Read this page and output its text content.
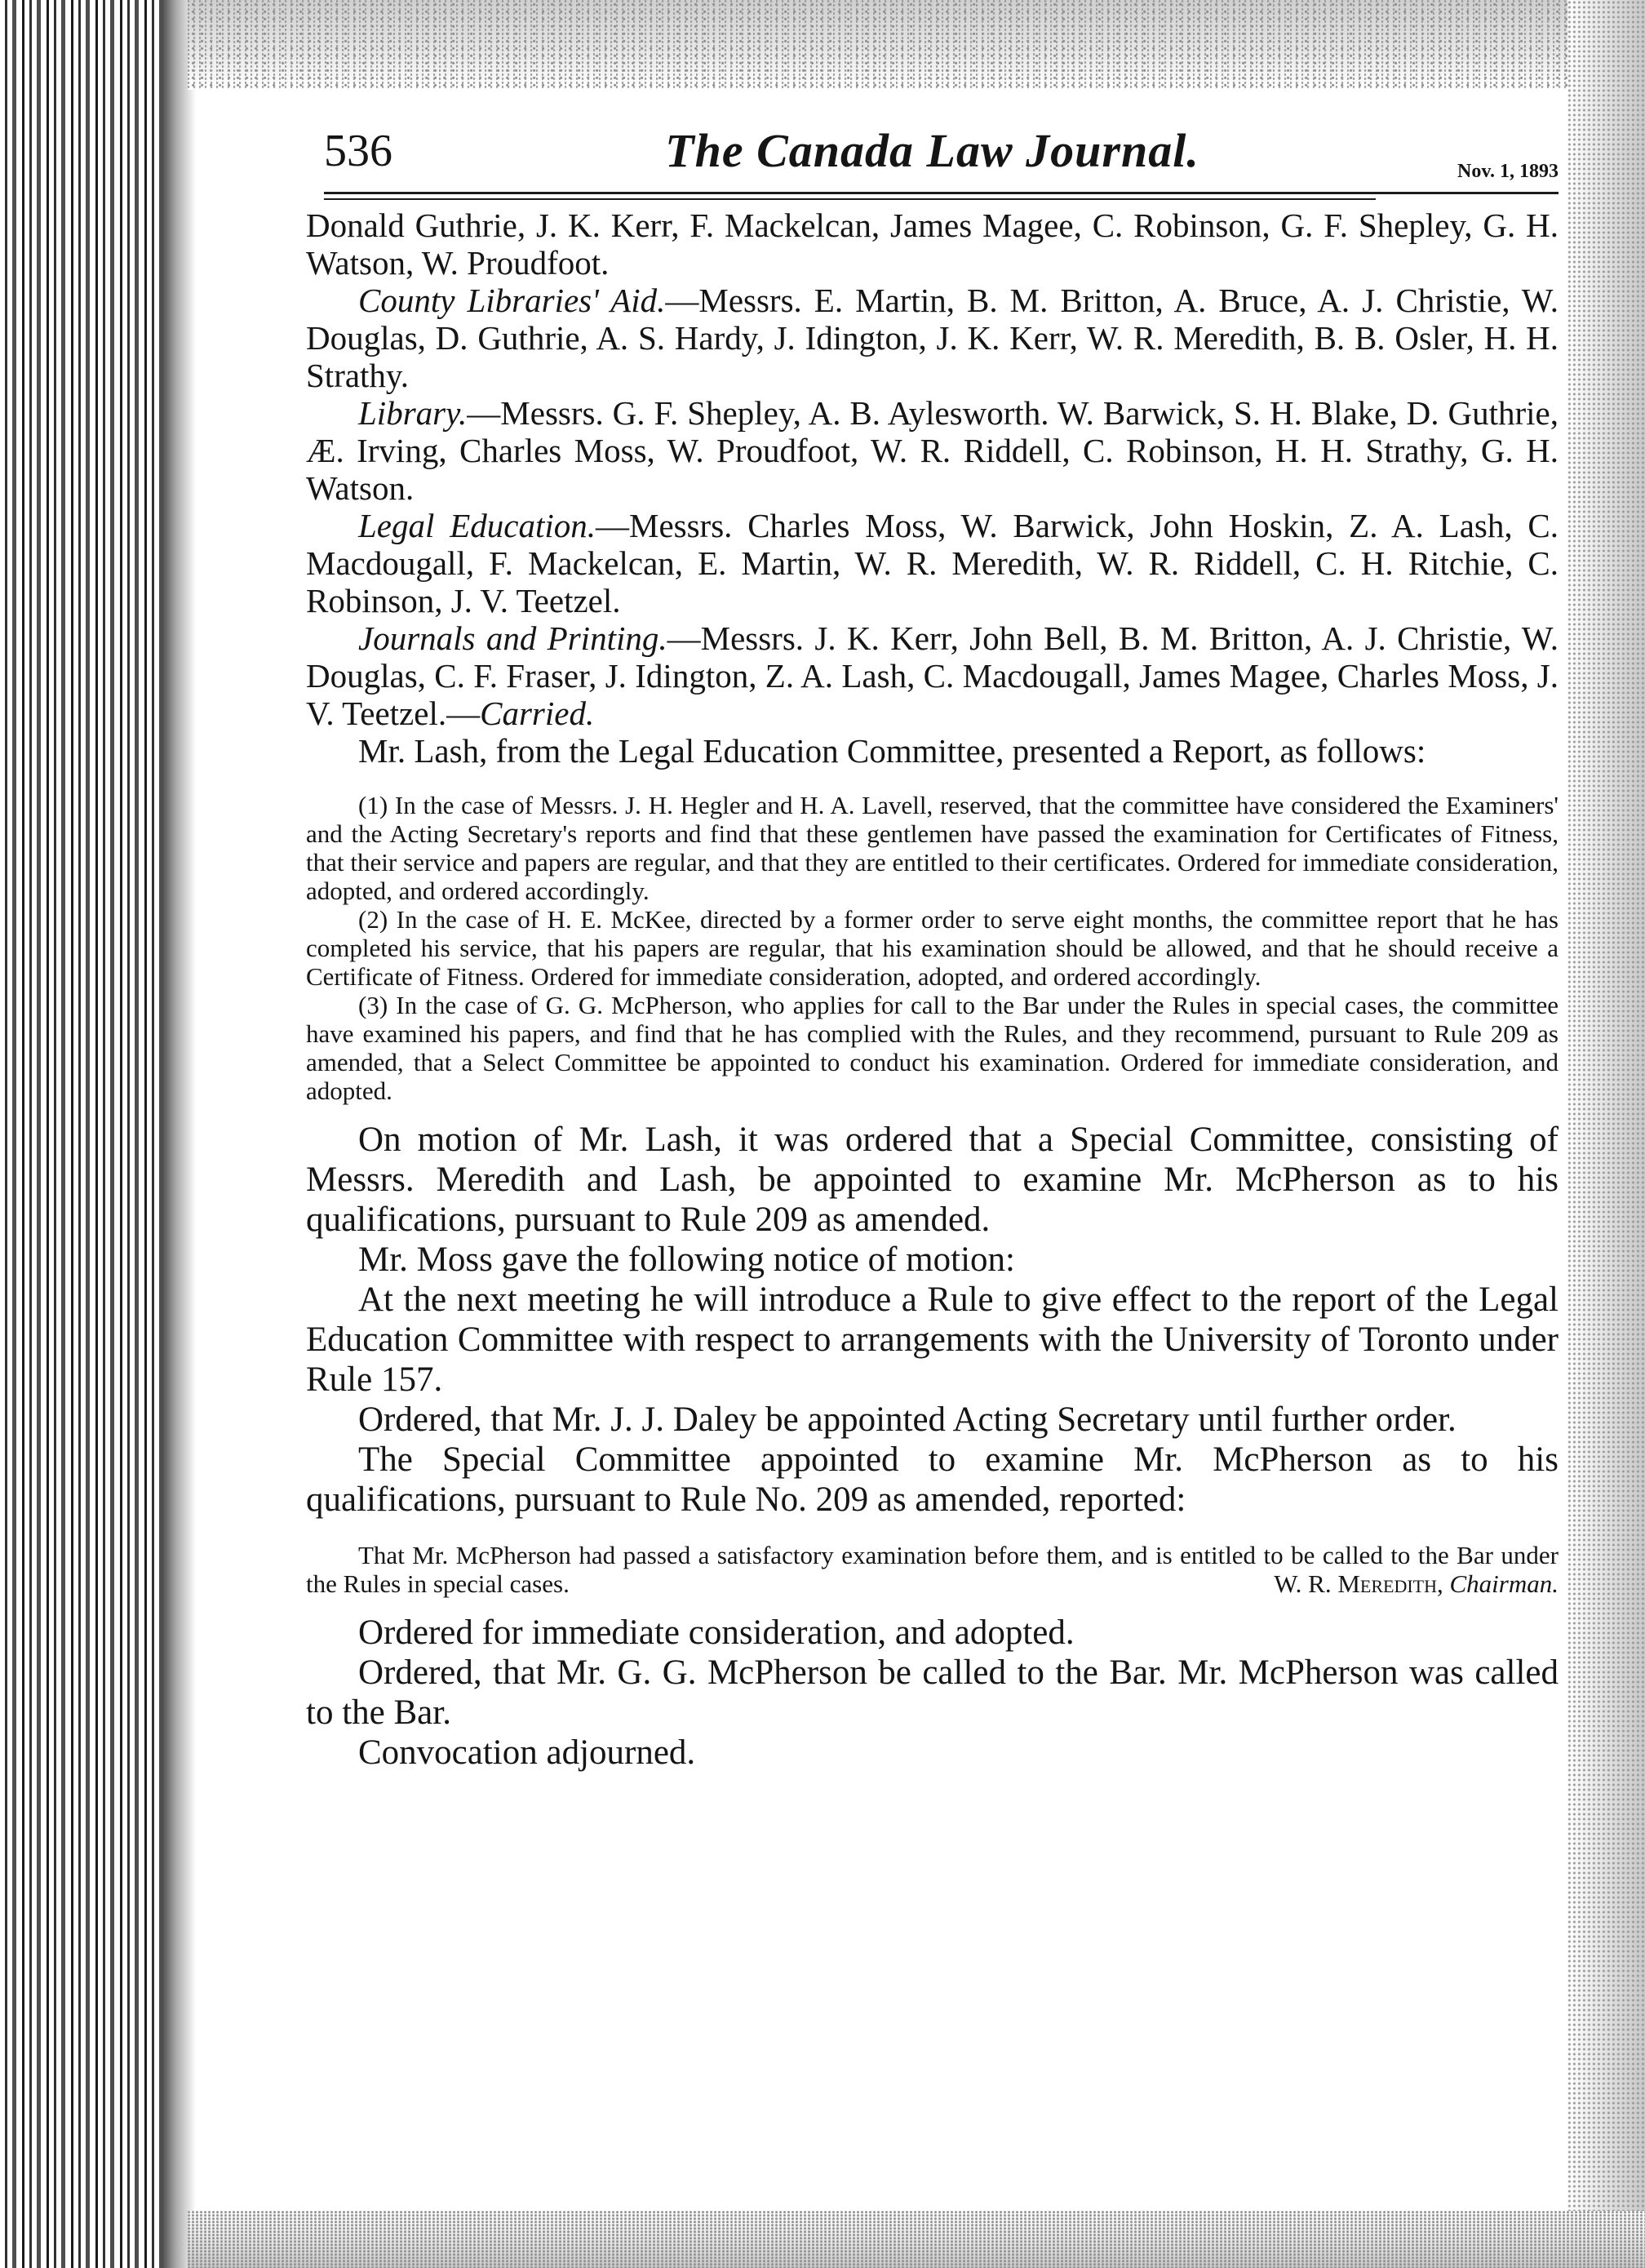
536	The Canada Law Journal.	Nov. 1, 1893

Donald Guthrie, J. K. Kerr, F. Mackelcan, James Magee, C. Robinson, G. F. Shepley, G. H. Watson, W. Proudfoot.

County Libraries' Aid.—Messrs. E. Martin, B. M. Britton, A. Bruce, A. J. Christie, W. Douglas, D. Guthrie, A. S. Hardy, J. Idington, J. K. Kerr, W. R. Meredith, B. B. Osler, H. H. Strathy.

Library.—Messrs. G. F. Shepley, A. B. Aylesworth. W. Barwick, S. H. Blake, D. Guthrie, Æ. Irving, Charles Moss, W. Proudfoot, W. R. Riddell, C. Robinson, H. H. Strathy, G. H. Watson.

Legal Education.—Messrs. Charles Moss, W. Barwick, John Hoskin, Z. A. Lash, C. Macdougall, F. Mackelcan, E. Martin, W. R. Meredith, W. R. Riddell, C. H. Ritchie, C. Robinson, J. V. Teetzel.

Journals and Printing.—Messrs. J. K. Kerr, John Bell, B. M. Britton, A. J. Christie, W. Douglas, C. F. Fraser, J. Idington, Z. A. Lash, C. Macdougall, James Magee, Charles Moss, J. V. Teetzel.—Carried.

Mr. Lash, from the Legal Education Committee, presented a Report, as follows:

(1) In the case of Messrs. J. H. Hegler and H. A. Lavell, reserved, that the committee have considered the Examiners' and the Acting Secretary's reports and find that these gentlemen have passed the examination for Certificates of Fitness, that their service and papers are regular, and that they are entitled to their certificates. Ordered for immediate consideration, adopted, and ordered accordingly.

(2) In the case of H. E. McKee, directed by a former order to serve eight months, the committee report that he has completed his service, that his papers are regular, that his examination should be allowed, and that he should receive a Certificate of Fitness. Ordered for immediate consideration, adopted, and ordered accordingly.

(3) In the case of G. G. McPherson, who applies for call to the Bar under the Rules in special cases, the committee have examined his papers, and find that he has complied with the Rules, and they recommend, pursuant to Rule 209 as amended, that a Select Committee be appointed to conduct his examination. Ordered for immediate consideration, and adopted.

On motion of Mr. Lash, it was ordered that a Special Committee, consisting of Messrs. Meredith and Lash, be appointed to examine Mr. McPherson as to his qualifications, pursuant to Rule 209 as amended.

Mr. Moss gave the following notice of motion:

At the next meeting he will introduce a Rule to give effect to the report of the Legal Education Committee with respect to arrangements with the University of Toronto under Rule 157.

Ordered, that Mr. J. J. Daley be appointed Acting Secretary until further order.

The Special Committee appointed to examine Mr. McPherson as to his qualifications, pursuant to Rule No. 209 as amended, reported:

That Mr. McPherson had passed a satisfactory examination before them, and is entitled to be called to the Bar under the Rules in special cases.	W. R. Meredith, Chairman.

Ordered for immediate consideration, and adopted.

Ordered, that Mr. G. G. McPherson be called to the Bar. Mr. McPherson was called to the Bar.

Convocation adjourned.
